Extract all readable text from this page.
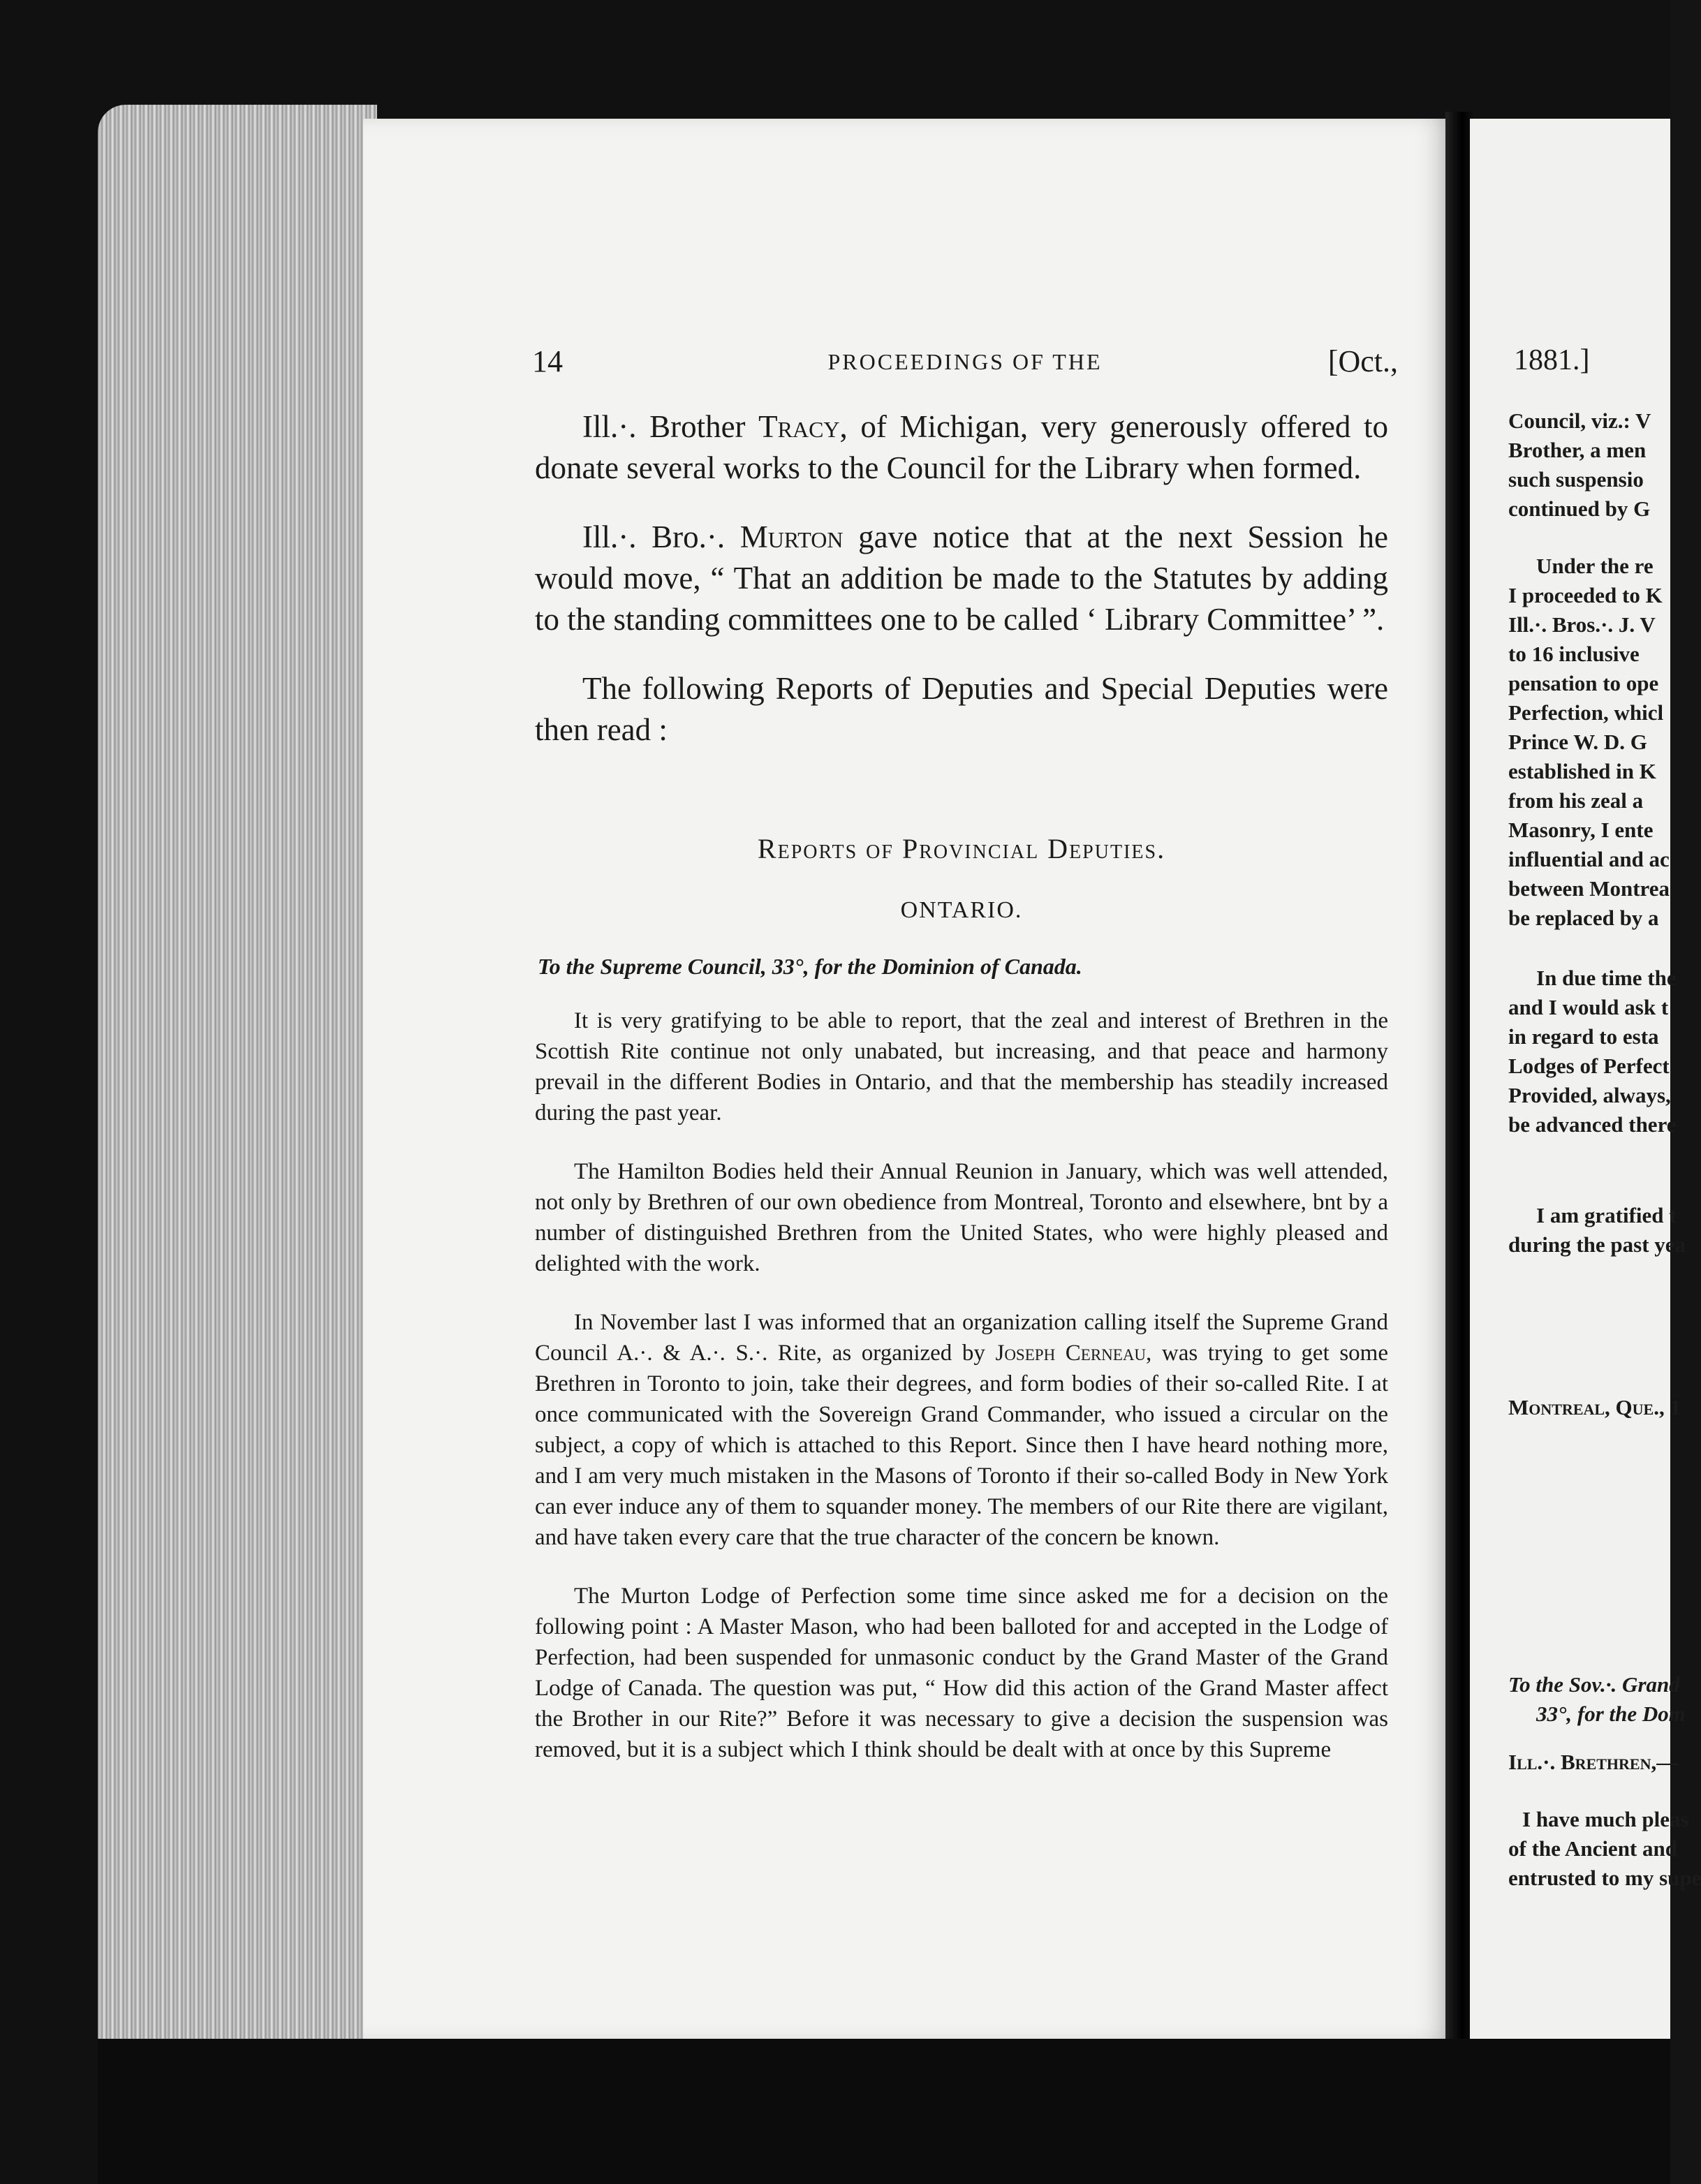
14	PROCEEDINGS OF THE	[Oct.,

Ill.·. Brother Tracy, of Michigan, very generously offered to donate several works to the Council for the Library when formed.

Ill.·. Bro.·. Murton gave notice that at the next Session he would move, “ That an addition be made to the Statutes by adding to the standing committees one to be called ‘ Library Committee’ ”.

The following Reports of Deputies and Special Deputies were then read :

Reports of Provincial Deputies.
ONTARIO.
To the Supreme Council, 33°, for the Dominion of Canada.

It is very gratifying to be able to report, that the zeal and interest of Brethren in the Scottish Rite continue not only unabated, but increasing, and that peace and harmony prevail in the different Bodies in Ontario, and that the membership has steadily increased during the past year.

The Hamilton Bodies held their Annual Reunion in January, which was well attended, not only by Brethren of our own obedience from Montreal, Toronto and elsewhere, bnt by a number of distinguished Brethren from the United States, who were highly pleased and delighted with the work.

In November last I was informed that an organization calling itself the Supreme Grand Council A.·. & A.·. S.·. Rite, as organized by Joseph Cerneau, was trying to get some Brethren in Toronto to join, take their degrees, and form bodies of their so-called Rite. I at once communicated with the Sovereign Grand Commander, who issued a circular on the subject, a copy of which is attached to this Report. Since then I have heard nothing more, and I am very much mistaken in the Masons of Toronto if their so-called Body in New York can ever induce any of them to squander money. The members of our Rite there are vigilant, and have taken every care that the true character of the concern be known.

The Murton Lodge of Perfection some time since asked me for a decision on the following point : A Master Mason, who had been balloted for and accepted in the Lodge of Perfection, had been suspended for unmasonic conduct by the Grand Master of the Grand Lodge of Canada. The question was put, “ How did this action of the Grand Master affect the Brother in our Rite?” Before it was necessary to give a decision the suspension was removed, but it is a subject which I think should be dealt with at once by this Supreme

1881.]
Council, viz.: V
Brother, a men
such suspensio
continued by G
Under the re
I proceeded to K
Ill.·. Bros.·. J. V
to 16 inclusive
pensation to ope
Perfection, whicl
Prince W. D. G
established in K
from his zeal a
Masonry, I ente
influential and ac
between Montrea
be replaced by a
In due time the
and I would ask t
in regard to esta
Lodges of Perfect
Provided, always,
be advanced there
I am gratified t
during the past yea
Montreal, Que., 1
To the Sov.·. Grand
33°, for the Dom
Ill.·. Brethren,—
I have much pleas
of the Ancient and
entrusted to my supe
